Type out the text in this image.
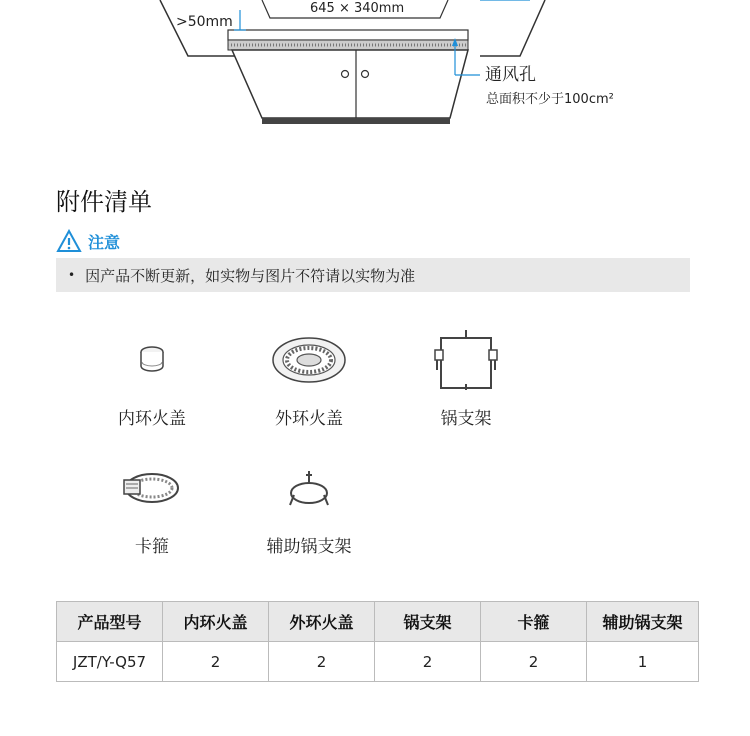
>50mm
645 × 340mm
通风孔
总面积不少于100cm²
附件清单
注意
• 因产品不断更新，如实物与图片不符请以实物为准
内环火盖	外环火盖	锅支架
卡箍	辅助锅支架
产品型号	内环火盖	外环火盖	锅支架	卡箍	辅助锅支架
JZT/Y-Q57	2	2	2	2	1
